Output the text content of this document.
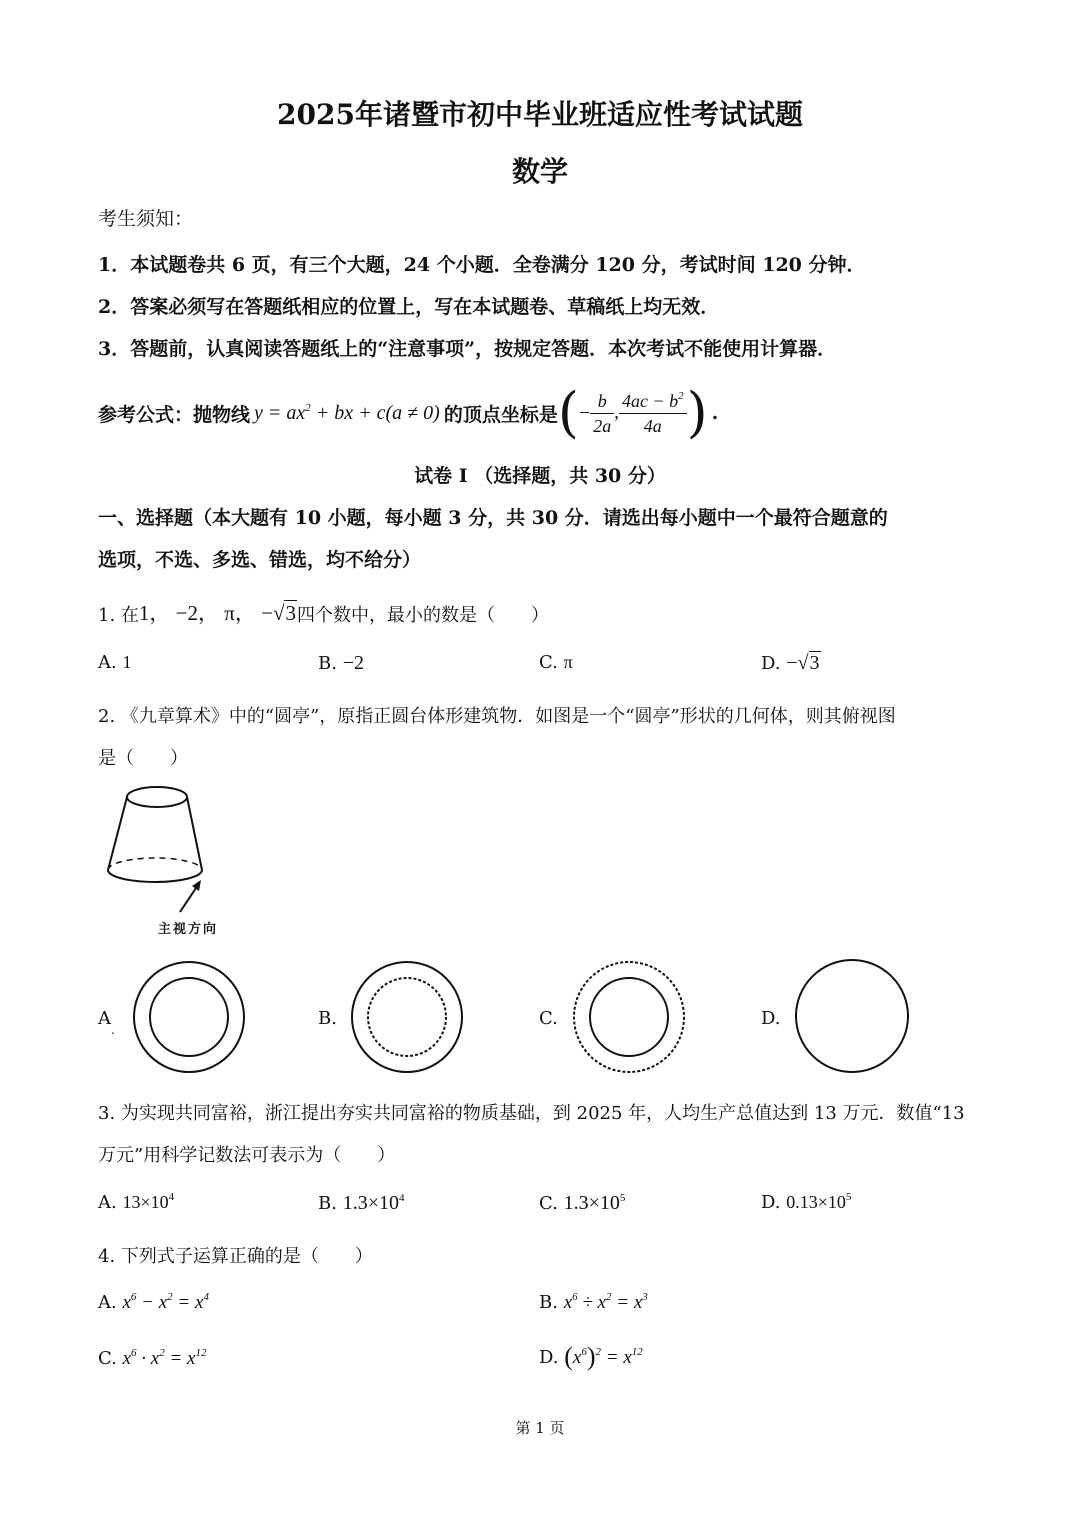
2025年诸暨市初中毕业班适应性考试试题
数学
考生须知：
1．本试题卷共 6 页，有三个大题，24 个小题．全卷满分 120 分，考试时间 120 分钟．
2．答案必须写在答题纸相应的位置上，写在本试题卷、草稿纸上均无效．
3．答题前，认真阅读答题纸上的“注意事项”，按规定答题．本次考试不能使用计算器．
参考公式：抛物线 $y = ax^2$ + bx + c(a ≠ 0) 的顶点坐标是 ( − $\frac{b}{2a}$ , $\frac{4ac - b^2}{4a}$ ) .
试卷 I （选择题，共 30 分）
一、选择题（本大题有 10 小题，每小题 3 分，共 30 分．请选出每小题中一个最符合题意的
选项，不选、多选、错选，均不给分）
1. 在 1， −2， π， −√3 四个数中，最小的数是（　　）
A. 1	B. −2	C. π	D. −√3
2. 《九章算术》中的“圆亭”，原指正圆台体形建筑物．如图是一个“圆亭”形状的几何体，则其俯视图
是（　　）
主视方向
$A_.$
B.	C.	D.
3. 为实现共同富裕，浙江提出夯实共同富裕的物质基础，到 2025 年，人均生产总值达到 13 万元．数值“13
万元”用科学记数法可表示为（　　）
A. $13\times 10^4$	B. $1.3\times 10^4$	C. $1.3\times 10^5$	D. $0.13\times 10^5$
4. 下列式子运算正确的是（　　）
A. $x^6 - x^2 = x^4$	B. $x^6 \div x^2 = x^3$
C. $x^6 \cdot x^2 = x^{12}$	D. $(x^6)^2 = x^{12}$
第 1 页
